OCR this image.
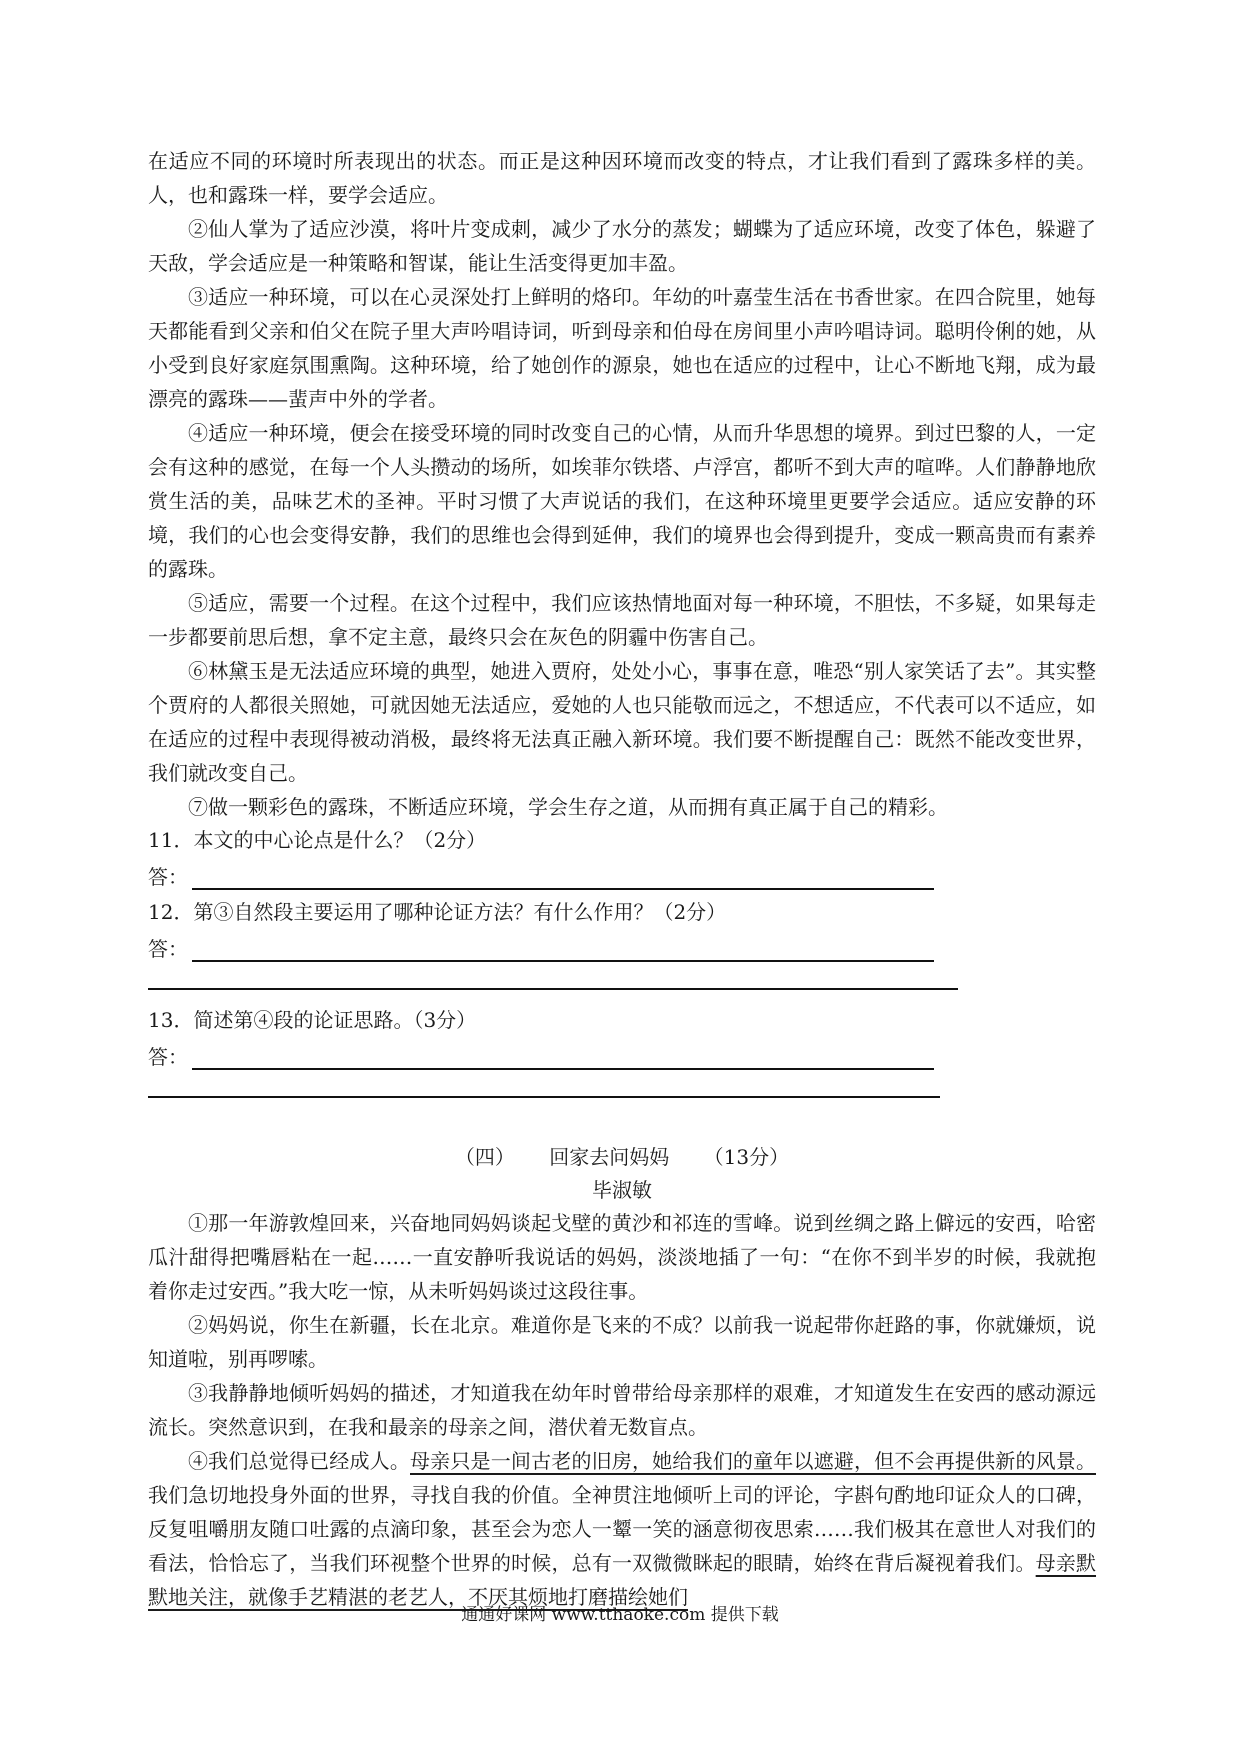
在适应不同的环境时所表现出的状态。而正是这种因环境而改变的特点，才让我们看到了露珠多样的美。人，也和露珠一样，要学会适应。

②仙人掌为了适应沙漠，将叶片变成刺，减少了水分的蒸发；蝴蝶为了适应环境，改变了体色，躲避了天敌，学会适应是一种策略和智谋，能让生活变得更加丰盈。

③适应一种环境，可以在心灵深处打上鲜明的烙印。年幼的叶嘉莹生活在书香世家。在四合院里，她每天都能看到父亲和伯父在院子里大声吟唱诗词，听到母亲和伯母在房间里小声吟唱诗词。聪明伶俐的她，从小受到良好家庭氛围熏陶。这种环境，给了她创作的源泉，她也在适应的过程中，让心不断地飞翔，成为最漂亮的露珠——蜚声中外的学者。

④适应一种环境，便会在接受环境的同时改变自己的心情，从而升华思想的境界。到过巴黎的人，一定会有这种的感觉，在每一个人头攒动的场所，如埃菲尔铁塔、卢浮宫，都听不到大声的喧哗。人们静静地欣赏生活的美，品味艺术的圣神。平时习惯了大声说话的我们，在这种环境里更要学会适应。适应安静的环境，我们的心也会变得安静，我们的思维也会得到延伸，我们的境界也会得到提升，变成一颗高贵而有素养的露珠。

⑤适应，需要一个过程。在这个过程中，我们应该热情地面对每一种环境，不胆怯，不多疑，如果每走一步都要前思后想，拿不定主意，最终只会在灰色的阴霾中伤害自己。

⑥林黛玉是无法适应环境的典型，她进入贾府，处处小心，事事在意，唯恐“别人家笑话了去”。其实整个贾府的人都很关照她，可就因她无法适应，爱她的人也只能敬而远之，不想适应，不代表可以不适应，如在适应的过程中表现得被动消极，最终将无法真正融入新环境。我们要不断提醒自己：既然不能改变世界，我们就改变自己。

⑦做一颗彩色的露珠，不断适应环境，学会生存之道，从而拥有真正属于自己的精彩。

11．本文的中心论点是什么？（2分）

答：

12．第③自然段主要运用了哪种论证方法？有什么作用？（2分）

答：

13．简述第④段的论证思路。（3分）

答：
（四） 回家去问妈妈 （13分）
毕淑敏

①那一年游敦煌回来，兴奋地同妈妈谈起戈壁的黄沙和祁连的雪峰。说到丝绸之路上僻远的安西，哈密瓜汁甜得把嘴唇粘在一起……一直安静听我说话的妈妈，淡淡地插了一句：“在你不到半岁的时候，我就抱着你走过安西。”我大吃一惊，从未听妈妈谈过这段往事。

②妈妈说，你生在新疆，长在北京。难道你是飞来的不成？以前我一说起带你赶路的事，你就嫌烦，说知道啦，别再啰嗦。

③我静静地倾听妈妈的描述，才知道我在幼年时曾带给母亲那样的艰难，才知道发生在安西的感动源远流长。突然意识到，在我和最亲的母亲之间，潜伏着无数盲点。

④我们总觉得已经成人。母亲只是一间古老的旧房，她给我们的童年以遮避，但不会再提供新的风景。我们急切地投身外面的世界，寻找自我的价值。全神贯注地倾听上司的评论，字斟句酌地印证众人的口碑，反复咀嚼朋友随口吐露的点滴印象，甚至会为恋人一颦一笑的涵意彻夜思索……我们极其在意世人对我们的看法，恰恰忘了，当我们环视整个世界的时候，总有一双微微眯起的眼睛，始终在背后凝视着我们。母亲默默地关注，就像手艺精湛的老艺人，不厌其烦地打磨描绘她们

通通好课网 www.tthaoke.com 提供下载
